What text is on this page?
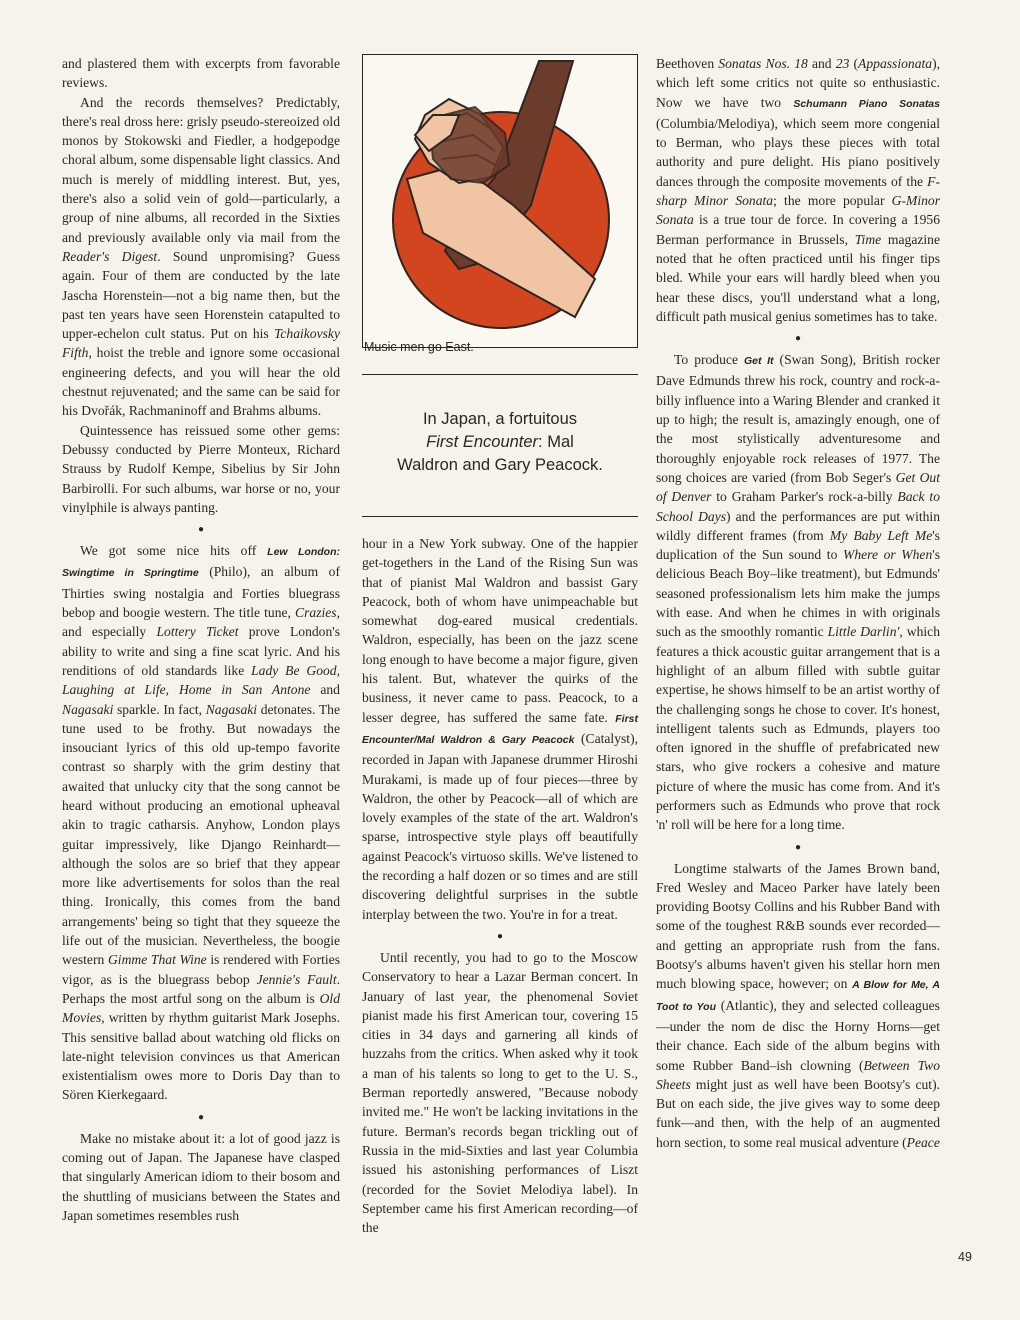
and plastered them with excerpts from favorable reviews.

And the records themselves? Predictably, there's real dross here: grisly pseudo-stereoized old monos by Stokowski and Fiedler, a hodgepodge choral album, some dispensable light classics. And much is merely of middling interest. But, yes, there's also a solid vein of gold—particularly, a group of nine albums, all recorded in the Sixties and previously available only via mail from the Reader's Digest. Sound unpromising? Guess again. Four of them are conducted by the late Jascha Horenstein—not a big name then, but the past ten years have seen Horenstein catapulted to upper-echelon cult status. Put on his Tchaikovsky Fifth, hoist the treble and ignore some occasional engineering defects, and you will hear the old chestnut rejuvenated; and the same can be said for his Dvořák, Rachmaninoff and Brahms albums.

Quintessence has reissued some other gems: Debussy conducted by Pierre Monteux, Richard Strauss by Rudolf Kempe, Sibelius by Sir John Barbirolli. For such albums, war horse or no, your vinylphile is always panting.

●

We got some nice hits off Lew London: Swingtime in Springtime (Philo), an album of Thirties swing nostalgia and Forties bluegrass bebop and boogie western. The title tune, Crazies, and especially Lottery Ticket prove London's ability to write and sing a fine scat lyric. And his renditions of old standards like Lady Be Good, Laughing at Life, Home in San Antone and Nagasaki sparkle. In fact, Nagasaki detonates. The tune used to be frothy. But nowadays the insouciant lyrics of this old up-tempo favorite contrast so sharply with the grim destiny that awaited that unlucky city that the song cannot be heard without producing an emotional upheaval akin to tragic catharsis. Anyhow, London plays guitar impressively, like Django Reinhardt—although the solos are so brief that they appear more like advertisements for solos than the real thing. Ironically, this comes from the band arrangements' being so tight that they squeeze the life out of the musician. Nevertheless, the boogie western Gimme That Wine is rendered with Forties vigor, as is the bluegrass bebop Jennie's Fault. Perhaps the most artful song on the album is Old Movies, written by rhythm guitarist Mark Josephs. This sensitive ballad about watching old flicks on late-night television convinces us that American existentialism owes more to Doris Day than to Sören Kierkegaard.

●

Make no mistake about it: a lot of good jazz is coming out of Japan. The Japanese have clasped that singularly American idiom to their bosom and the shuttling of musicians between the States and Japan sometimes resembles rush

Music men go East.
In Japan, a fortuitous
First Encounter: Mal
Waldron and Gary Peacock.

hour in a New York subway. One of the happier get-togethers in the Land of the Rising Sun was that of pianist Mal Waldron and bassist Gary Peacock, both of whom have unimpeachable but somewhat dog-eared musical credentials. Waldron, especially, has been on the jazz scene long enough to have become a major figure, given his talent. But, whatever the quirks of the business, it never came to pass. Peacock, to a lesser degree, has suffered the same fate. First Encounter/Mal Waldron & Gary Peacock (Catalyst), recorded in Japan with Japanese drummer Hiroshi Murakami, is made up of four pieces—three by Waldron, the other by Peacock—all of which are lovely examples of the state of the art. Waldron's sparse, introspective style plays off beautifully against Peacock's virtuoso skills. We've listened to the recording a half dozen or so times and are still discovering delightful surprises in the subtle interplay between the two. You're in for a treat.

●

Until recently, you had to go to the Moscow Conservatory to hear a Lazar Berman concert. In January of last year, the phenomenal Soviet pianist made his first American tour, covering 15 cities in 34 days and garnering all kinds of huzzahs from the critics. When asked why it took a man of his talents so long to get to the U. S., Berman reportedly answered, "Because nobody invited me." He won't be lacking invitations in the future. Berman's records began trickling out of Russia in the mid-Sixties and last year Columbia issued his astonishing performances of Liszt (recorded for the Soviet Melodiya label). In September came his first American recording—of the

Beethoven Sonatas Nos. 18 and 23 (Appassionata), which left some critics not quite so enthusiastic. Now we have two Schumann Piano Sonatas (Columbia/Melodiya), which seem more congenial to Berman, who plays these pieces with total authority and pure delight. His piano positively dances through the composite movements of the F-sharp Minor Sonata; the more popular G-Minor Sonata is a true tour de force. In covering a 1956 Berman performance in Brussels, Time magazine noted that he often practiced until his finger tips bled. While your ears will hardly bleed when you hear these discs, you'll understand what a long, difficult path musical genius sometimes has to take.

●

To produce Get It (Swan Song), British rocker Dave Edmunds threw his rock, country and rock-a-billy influence into a Waring Blender and cranked it up to high; the result is, amazingly enough, one of the most stylistically adventuresome and thoroughly enjoyable rock releases of 1977. The song choices are varied (from Bob Seger's Get Out of Denver to Graham Parker's rock-a-billy Back to School Days) and the performances are put within wildly different frames (from My Baby Left Me's duplication of the Sun sound to Where or When's delicious Beach Boy–like treatment), but Edmunds' seasoned professionalism lets him make the jumps with ease. And when he chimes in with originals such as the smoothly romantic Little Darlin', which features a thick acoustic guitar arrangement that is a highlight of an album filled with subtle guitar expertise, he shows himself to be an artist worthy of the challenging songs he chose to cover. It's honest, intelligent talents such as Edmunds, players too often ignored in the shuffle of prefabricated new stars, who give rockers a cohesive and mature picture of where the music has come from. And it's performers such as Edmunds who prove that rock 'n' roll will be here for a long time.

●

Longtime stalwarts of the James Brown band, Fred Wesley and Maceo Parker have lately been providing Bootsy Collins and his Rubber Band with some of the toughest R&B sounds ever recorded—and getting an appropriate rush from the fans. Bootsy's albums haven't given his stellar horn men much blowing space, however; on A Blow for Me, A Toot to You (Atlantic), they and selected colleagues—under the nom de disc the Horny Horns—get their chance. Each side of the album begins with some Rubber Band–ish clowning (Between Two Sheets might just as well have been Bootsy's cut). But on each side, the jive gives way to some deep funk—and then, with the help of an augmented horn section, to some real musical adventure (Peace

49
